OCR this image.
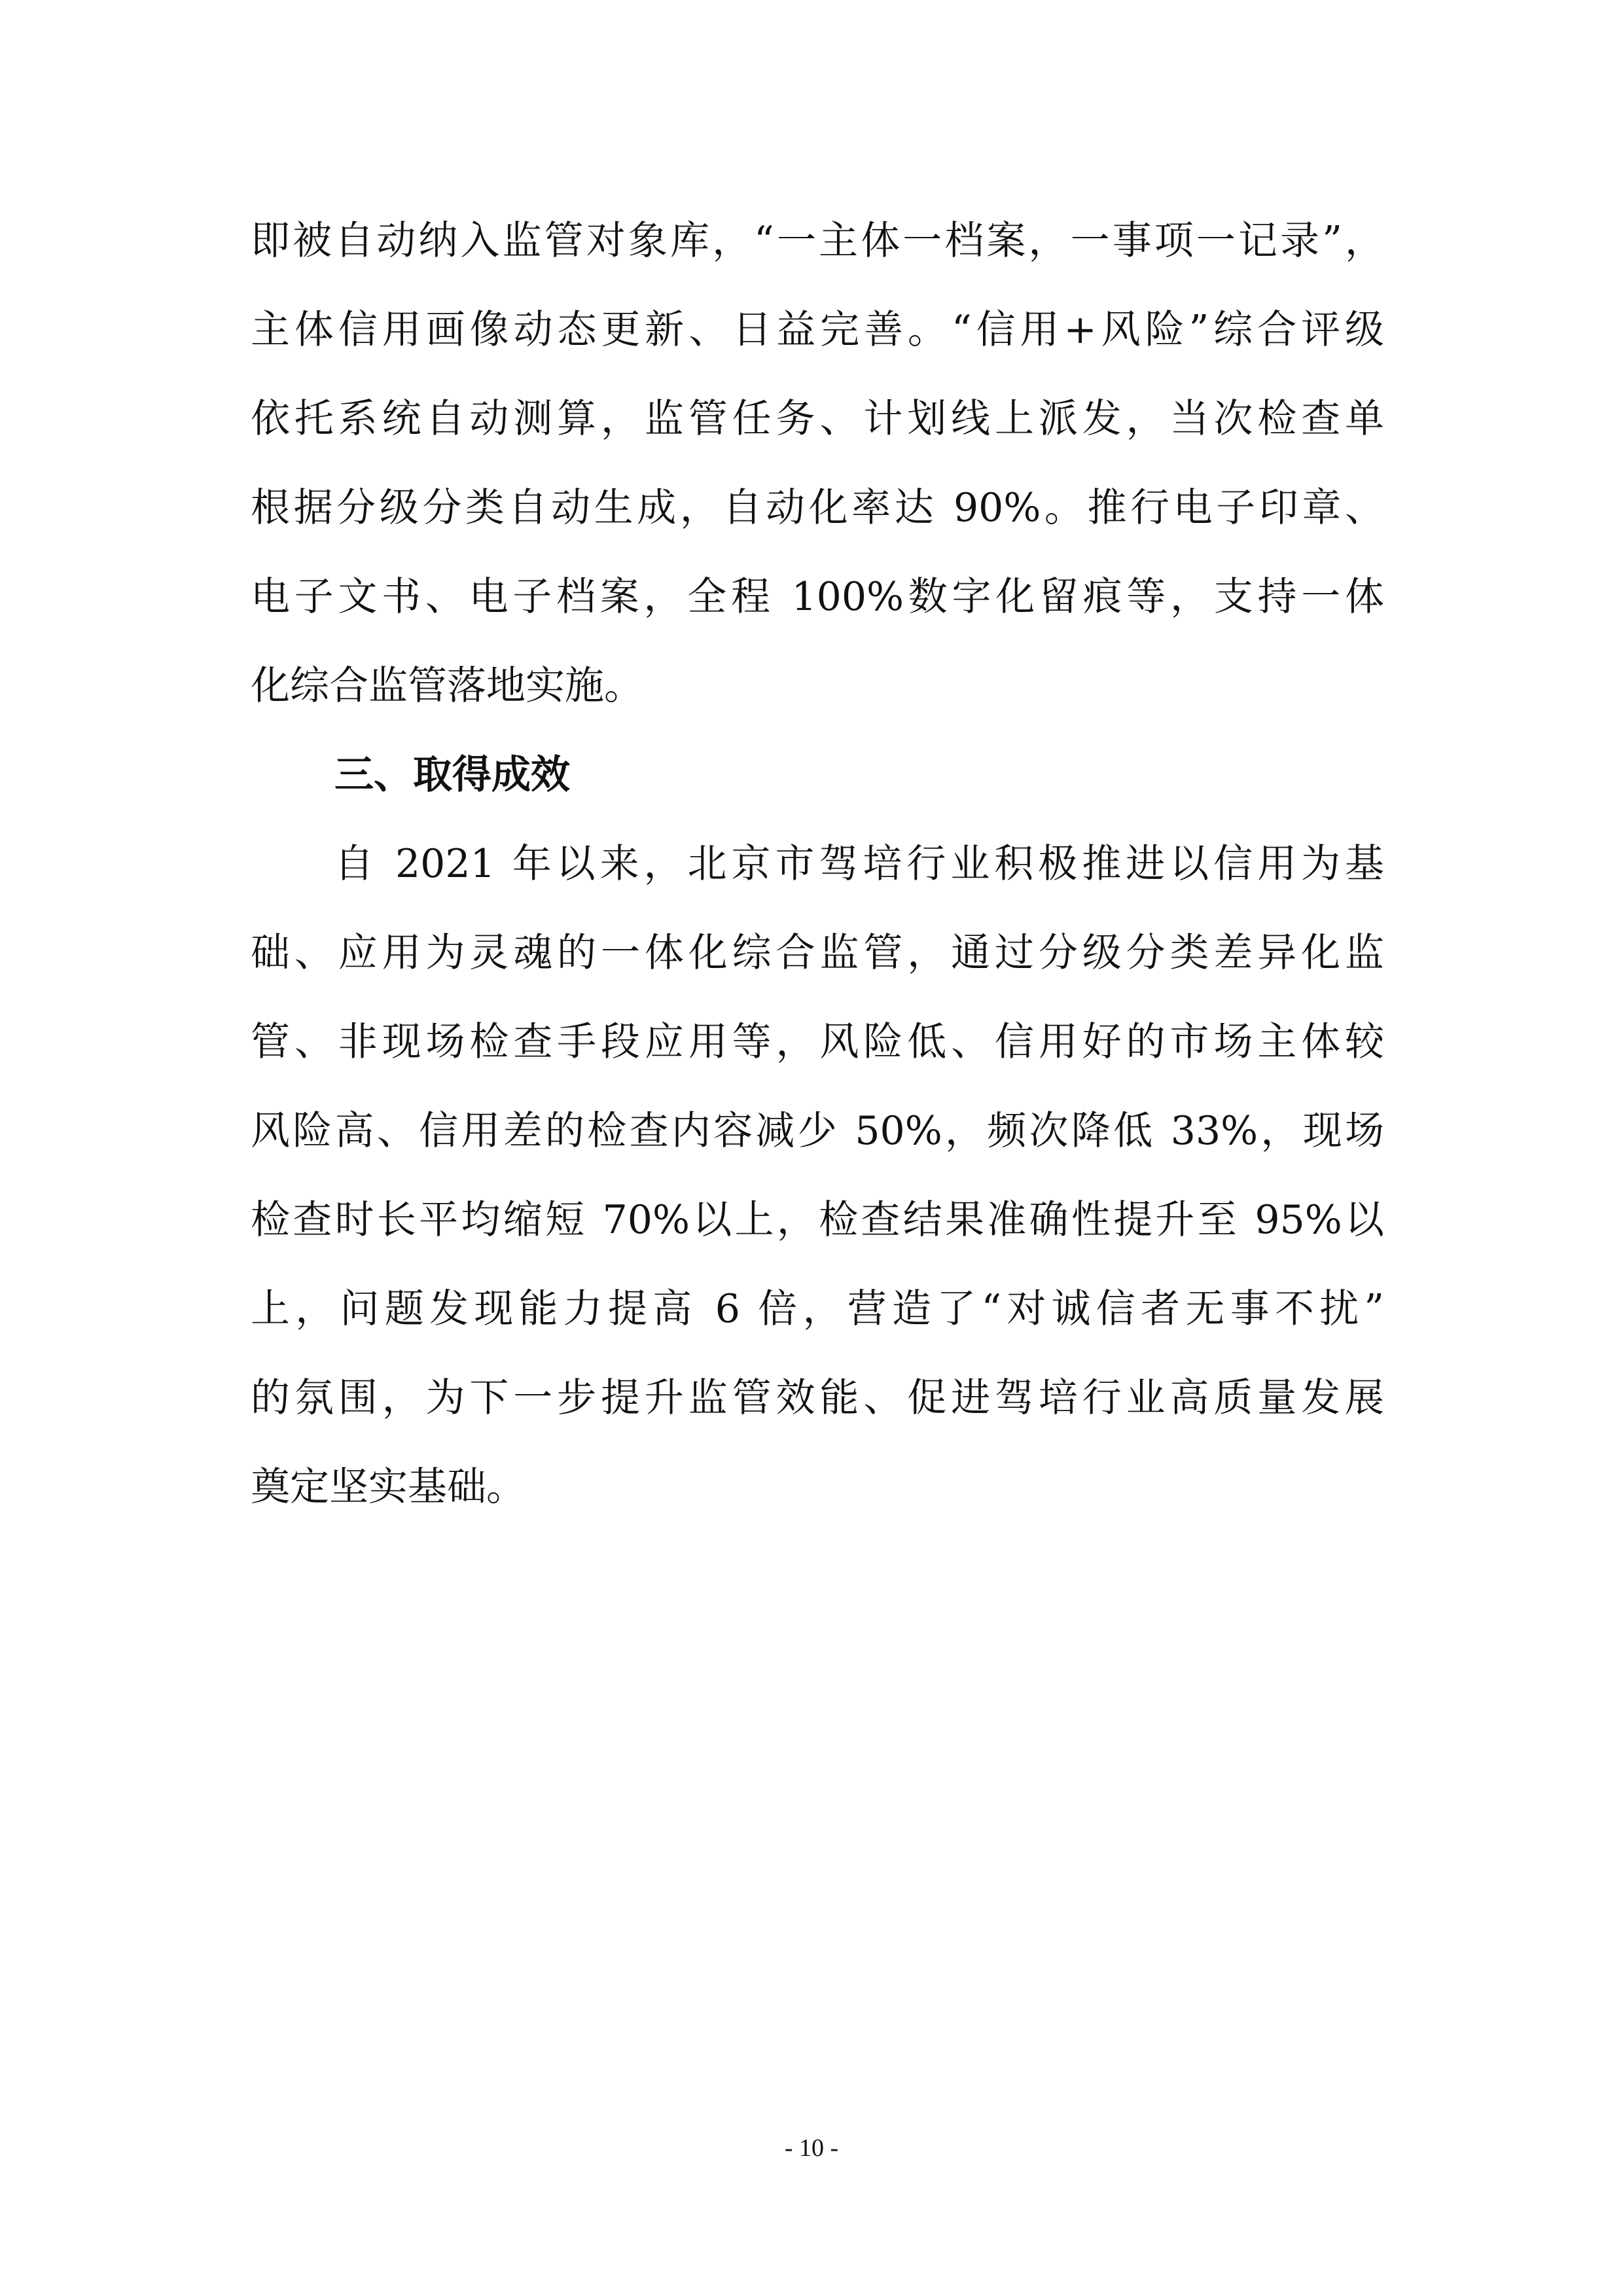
即被自动纳入监管对象库，“一主体一档案，一事项一记录”，
主体信用画像动态更新、日益完善。“信用+风险”综合评级
依托系统自动测算，监管任务、计划线上派发，当次检查单
根据分级分类自动生成，自动化率达 90%。推行电子印章、
电子文书、电子档案，全程 100%数字化留痕等，支持一体
化综合监管落地实施。
三、取得成效
自 2021 年以来，北京市驾培行业积极推进以信用为基
础、应用为灵魂的一体化综合监管，通过分级分类差异化监
管、非现场检查手段应用等，风险低、信用好的市场主体较
风险高、信用差的检查内容减少 50%，频次降低 33%，现场
检查时长平均缩短 70%以上，检查结果准确性提升至 95%以
上，问题发现能力提高 6 倍，营造了“对诚信者无事不扰”
的氛围，为下一步提升监管效能、促进驾培行业高质量发展
奠定坚实基础。
- 10 -
